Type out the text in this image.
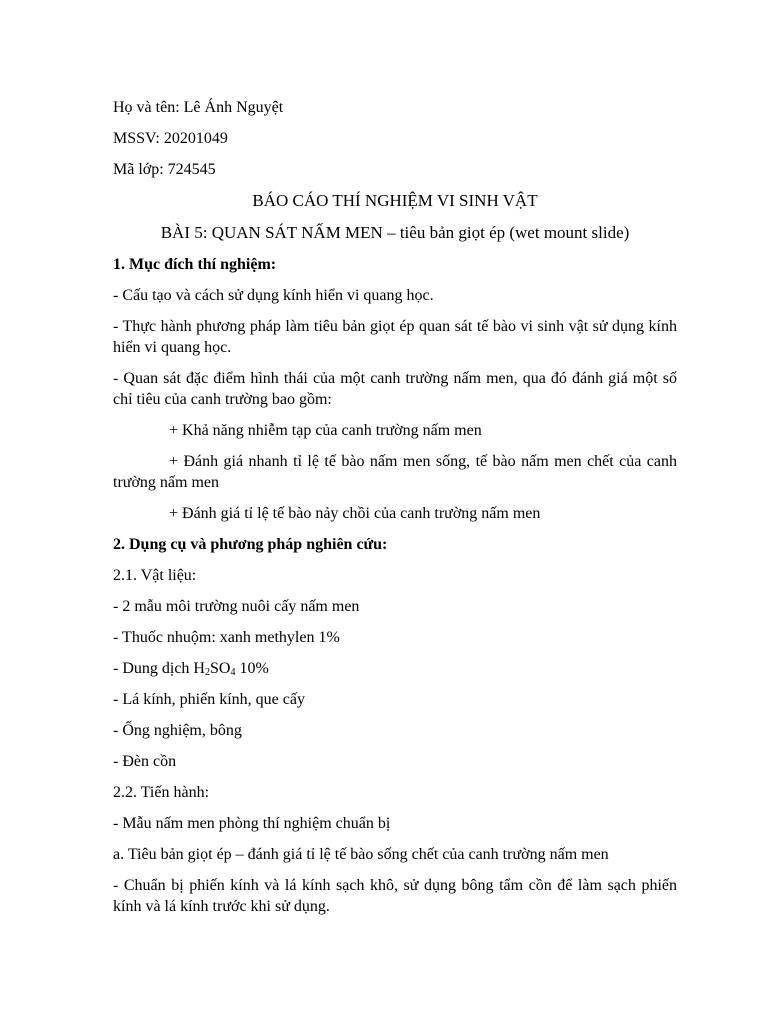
Họ và tên: Lê Ánh Nguyệt

MSSV: 20201049

Mã lớp: 724545

BÁO CÁO THÍ NGHIỆM VI SINH VẬT

BÀI 5: QUAN SÁT NẤM MEN – tiêu bản giọt ép (wet mount slide)

1. Mục đích thí nghiệm:

- Cấu tạo và cách sử dụng kính hiển vi quang học.

- Thực hành phương pháp làm tiêu bản giọt ép quan sát tế bào vi sinh vật sử dụng kính hiển vi quang học.

- Quan sát đặc điểm hình thái của một canh trường nấm men, qua đó đánh giá một số chỉ tiêu của canh trường bao gồm:

+ Khả năng nhiễm tạp của canh trường nấm men

+ Đánh giá nhanh tỉ lệ tế bào nấm men sống, tế bào nấm men chết của canh trường nấm men

+ Đánh giá tỉ lệ tế bào nảy chồi của canh trường nấm men

2. Dụng cụ và phương pháp nghiên cứu:

2.1. Vật liệu:

- 2 mẫu môi trường nuôi cấy nấm men

- Thuốc nhuộm: xanh methylen 1%

- Dung dịch $H_2SO_4$ 10%

- Lá kính, phiến kính, que cấy

- Ống nghiệm, bông

- Đèn cồn

2.2. Tiến hành:

- Mẫu nấm men phòng thí nghiệm chuẩn bị

a. Tiêu bản giọt ép – đánh giá tỉ lệ tế bào sống chết của canh trường nấm men

- Chuẩn bị phiến kính và lá kính sạch khô, sử dụng bông tẩm cồn để làm sạch phiến kính và lá kính trước khi sử dụng.
